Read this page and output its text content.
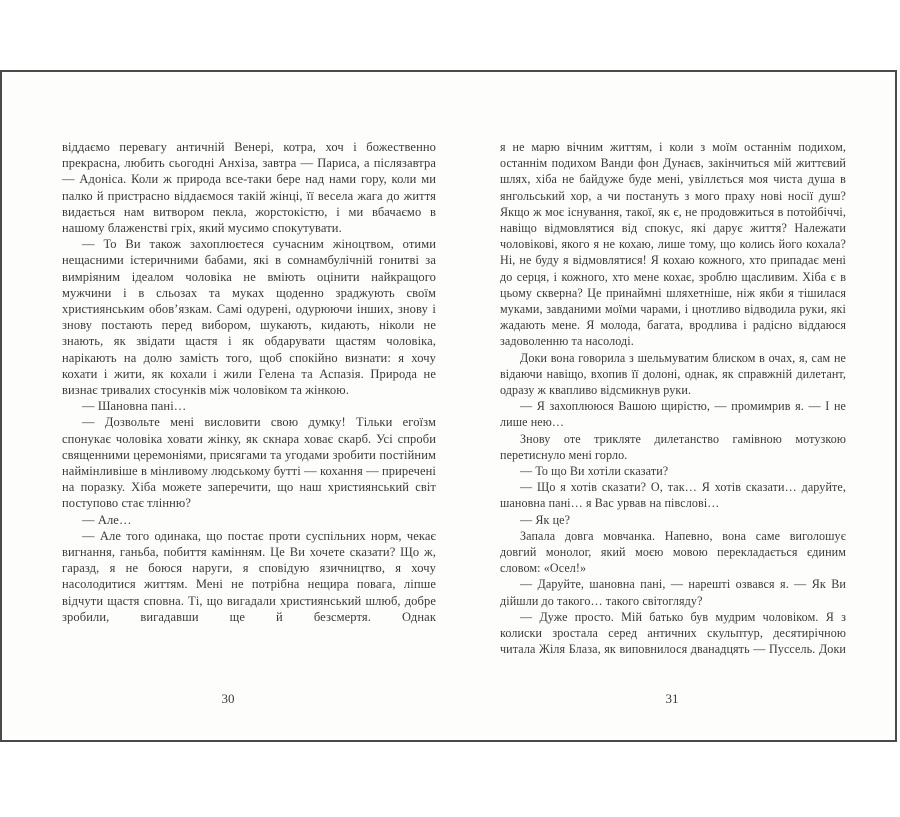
віддаємо перевагу античній Венері, котра, хоч і божественно прекрасна, любить сьогодні Анхіза, завтра — Париса, а післязавтра — Адоніса. Коли ж природа все-таки бере над нами гору, коли ми палко й пристрасно віддаємося такій жінці, її весела жага до життя видається нам витвором пекла, жорстокістю, і ми вбачаємо в нашому блаженстві гріх, який мусимо спокутувати.

— То Ви також захоплюєтеся сучасним жіноцтвом, отими нещасними істеричними бабами, які в сомнамбулічній гонитві за вимріяним ідеалом чоловіка не вміють оцінити найкращого мужчини і в сльозах та муках щоденно зраджують своїм християнським обов’язкам. Самі одурені, одурюючи інших, знову і знову постають перед вибором, шукають, кидають, ніколи не знають, як звідати щастя і як обдарувати щастям чоловіка, нарікають на долю замість того, щоб спокійно визнати: я хочу кохати і жити, як кохали і жили Гелена та Аспазія. Природа не визнає тривалих стосунків між чоловіком та жінкою.

— Шановна пані…

— Дозвольте мені висловити свою думку! Тільки егоїзм спонукає чоловіка ховати жінку, як скнара ховає скарб. Усі спроби священними церемоніями, присягами та угодами зробити постійним наймінливіше в мінливому людському бутті — кохання — приречені на поразку. Хіба можете заперечити, що наш християнський світ поступово стає тлінню?

— Але…

— Але того одинака, що постає проти суспільних норм, чекає вигнання, ганьба, побиття камінням. Це Ви хочете сказати? Що ж, гаразд, я не боюся наруги, я сповідую язичництво, я хочу насолодитися життям. Мені не потрібна нещира повага, ліпше відчути щастя сповна. Ті, що вигадали християнський шлюб, добре зробили, вигадавши ще й безсмертя. Однак

я не марю вічним життям, і коли з моїм останнім подихом, останнім подихом Ванди фон Дунаєв, закінчиться мій життєвий шлях, хіба не байдуже буде мені, увіллється моя чиста душа в янгольський хор, а чи постануть з мого праху нові носії душ? Якщо ж моє існування, такої, як є, не продовжиться в потойбіччі, навіщо відмовлятися від спокус, які дарує життя? Належати чоловікові, якого я не кохаю, лише тому, що колись його кохала? Ні, не буду я відмовлятися! Я кохаю кожного, хто припадає мені до серця, і кожного, хто мене кохає, зроблю щасливим. Хіба є в цьому скверна? Це принаймні шляхетніше, ніж якби я тішилася муками, завданими моїми чарами, і цнотливо відводила руки, які жадають мене. Я молода, багата, вродлива і радісно віддаюся задоволенню та насолоді.

Доки вона говорила з шельмуватим блиском в очах, я, сам не відаючи навіщо, вхопив її долоні, однак, як справжній дилетант, одразу ж квапливо відсмикнув руки.

— Я захоплююся Вашою щирістю, — промимрив я. — І не лише нею…

Знову оте трикляте дилетанство гамівною мотузкою перетиснуло мені горло.

— То що Ви хотіли сказати?

— Що я хотів сказати? О, так… Я хотів сказати… даруйте, шановна пані… я Вас урвав на півслові…

— Як це?

Запала довга мовчанка. Напевно, вона саме виголошує довгий монолог, який моєю мовою перекладається єдиним словом: «Осел!»

— Даруйте, шановна пані, — нарешті озвався я. — Як Ви дійшли до такого… такого світогляду?

— Дуже просто. Мій батько був мудрим чоловіком. Я з колиски зростала серед античних скульптур, десятирічною читала Жіля Блаза, як виповнилося дванадцять — Пуссель. Доки

30	31
